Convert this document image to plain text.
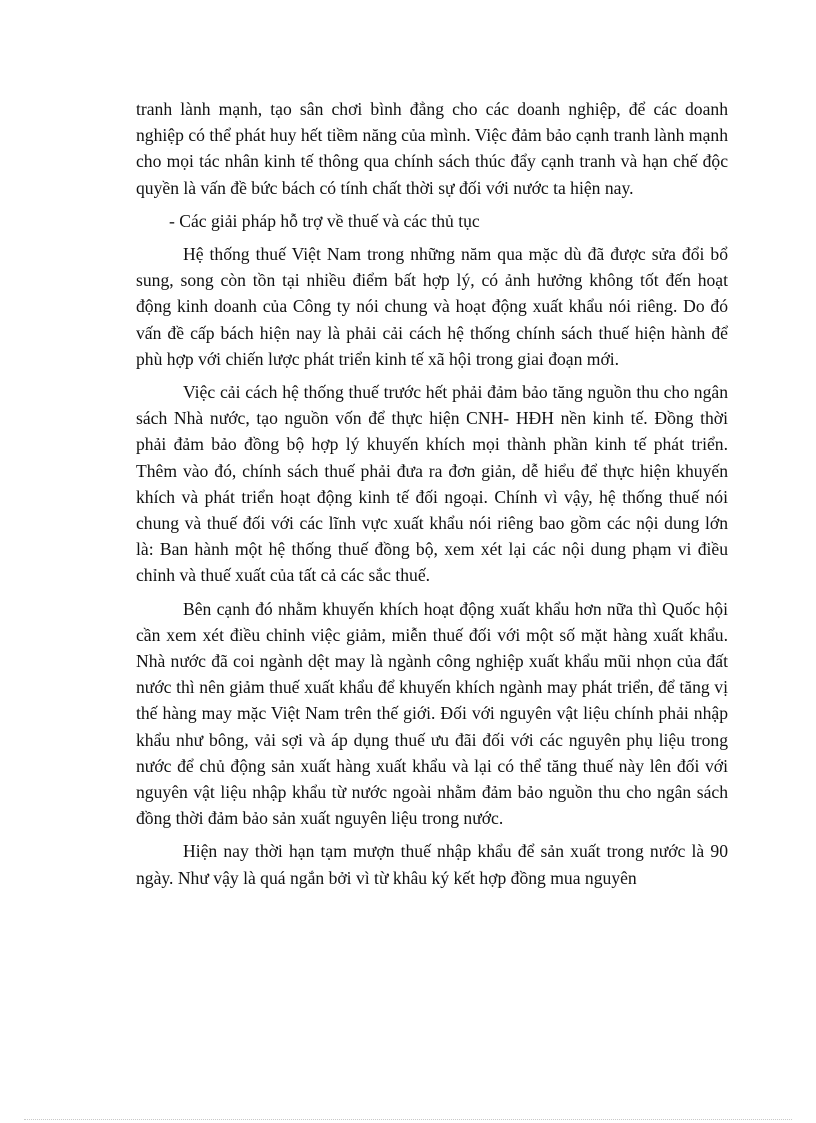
tranh lành mạnh, tạo sân chơi bình đẳng cho các doanh nghiệp, để các doanh nghiệp có thể phát huy hết tiềm năng của mình. Việc đảm bảo cạnh tranh lành mạnh cho mọi tác nhân kinh tế thông qua chính sách thúc đẩy cạnh tranh và hạn chế độc quyền là vấn đề bức bách có tính chất thời sự đối với nước ta hiện nay.

- Các giải pháp hỗ trợ về thuế và các thủ tục

Hệ thống thuế Việt Nam trong những năm qua mặc dù đã được sửa đổi bổ sung, song còn tồn tại nhiều điểm bất hợp lý, có ảnh hưởng không tốt đến hoạt động kinh doanh của Công ty nói chung và hoạt động xuất khẩu nói riêng. Do đó vấn đề cấp bách hiện nay là phải cải cách hệ thống chính sách thuế hiện hành để phù hợp với chiến lược phát triển kinh tế xã hội trong giai đoạn mới.

Việc cải cách hệ thống thuế trước hết phải đảm bảo tăng nguồn thu cho ngân sách Nhà nước, tạo nguồn vốn để thực hiện CNH- HĐH nền kinh tế. Đồng thời phải đảm bảo đồng bộ hợp lý khuyến khích mọi thành phần kinh tế phát triển. Thêm vào đó, chính sách thuế phải đưa ra đơn giản, dễ hiểu để thực hiện khuyến khích và phát triển hoạt động kinh tế đối ngoại. Chính vì vậy, hệ thống thuế nói chung và thuế đối với các lĩnh vực xuất khẩu nói riêng bao gồm các nội dung lớn là: Ban hành một hệ thống thuế đồng bộ, xem xét lại các nội dung phạm vi điều chỉnh và thuế xuất của tất cả các sắc thuế.

Bên cạnh đó nhằm khuyến khích hoạt động xuất khẩu hơn nữa thì Quốc hội cần xem xét điều chỉnh việc giảm, miễn thuế đối với một số mặt hàng xuất khẩu. Nhà nước đã coi ngành dệt may là ngành công nghiệp xuất khẩu mũi nhọn của đất nước thì nên giảm thuế xuất khẩu để khuyến khích ngành may phát triển, để tăng vị thế hàng may mặc Việt Nam trên thế giới. Đối với nguyên vật liệu chính phải nhập khẩu như bông, vải sợi và áp dụng thuế ưu đãi đối với các nguyên phụ liệu trong nước để chủ động sản xuất hàng xuất khẩu và lại có thể tăng thuế này lên đối với nguyên vật liệu nhập khẩu từ nước ngoài nhằm đảm bảo nguồn thu cho ngân sách đồng thời đảm bảo sản xuất nguyên liệu trong nước.

Hiện nay thời hạn tạm mượn thuế nhập khẩu để sản xuất trong nước là 90 ngày. Như vậy là quá ngắn bởi vì từ khâu ký kết hợp đồng mua nguyên
